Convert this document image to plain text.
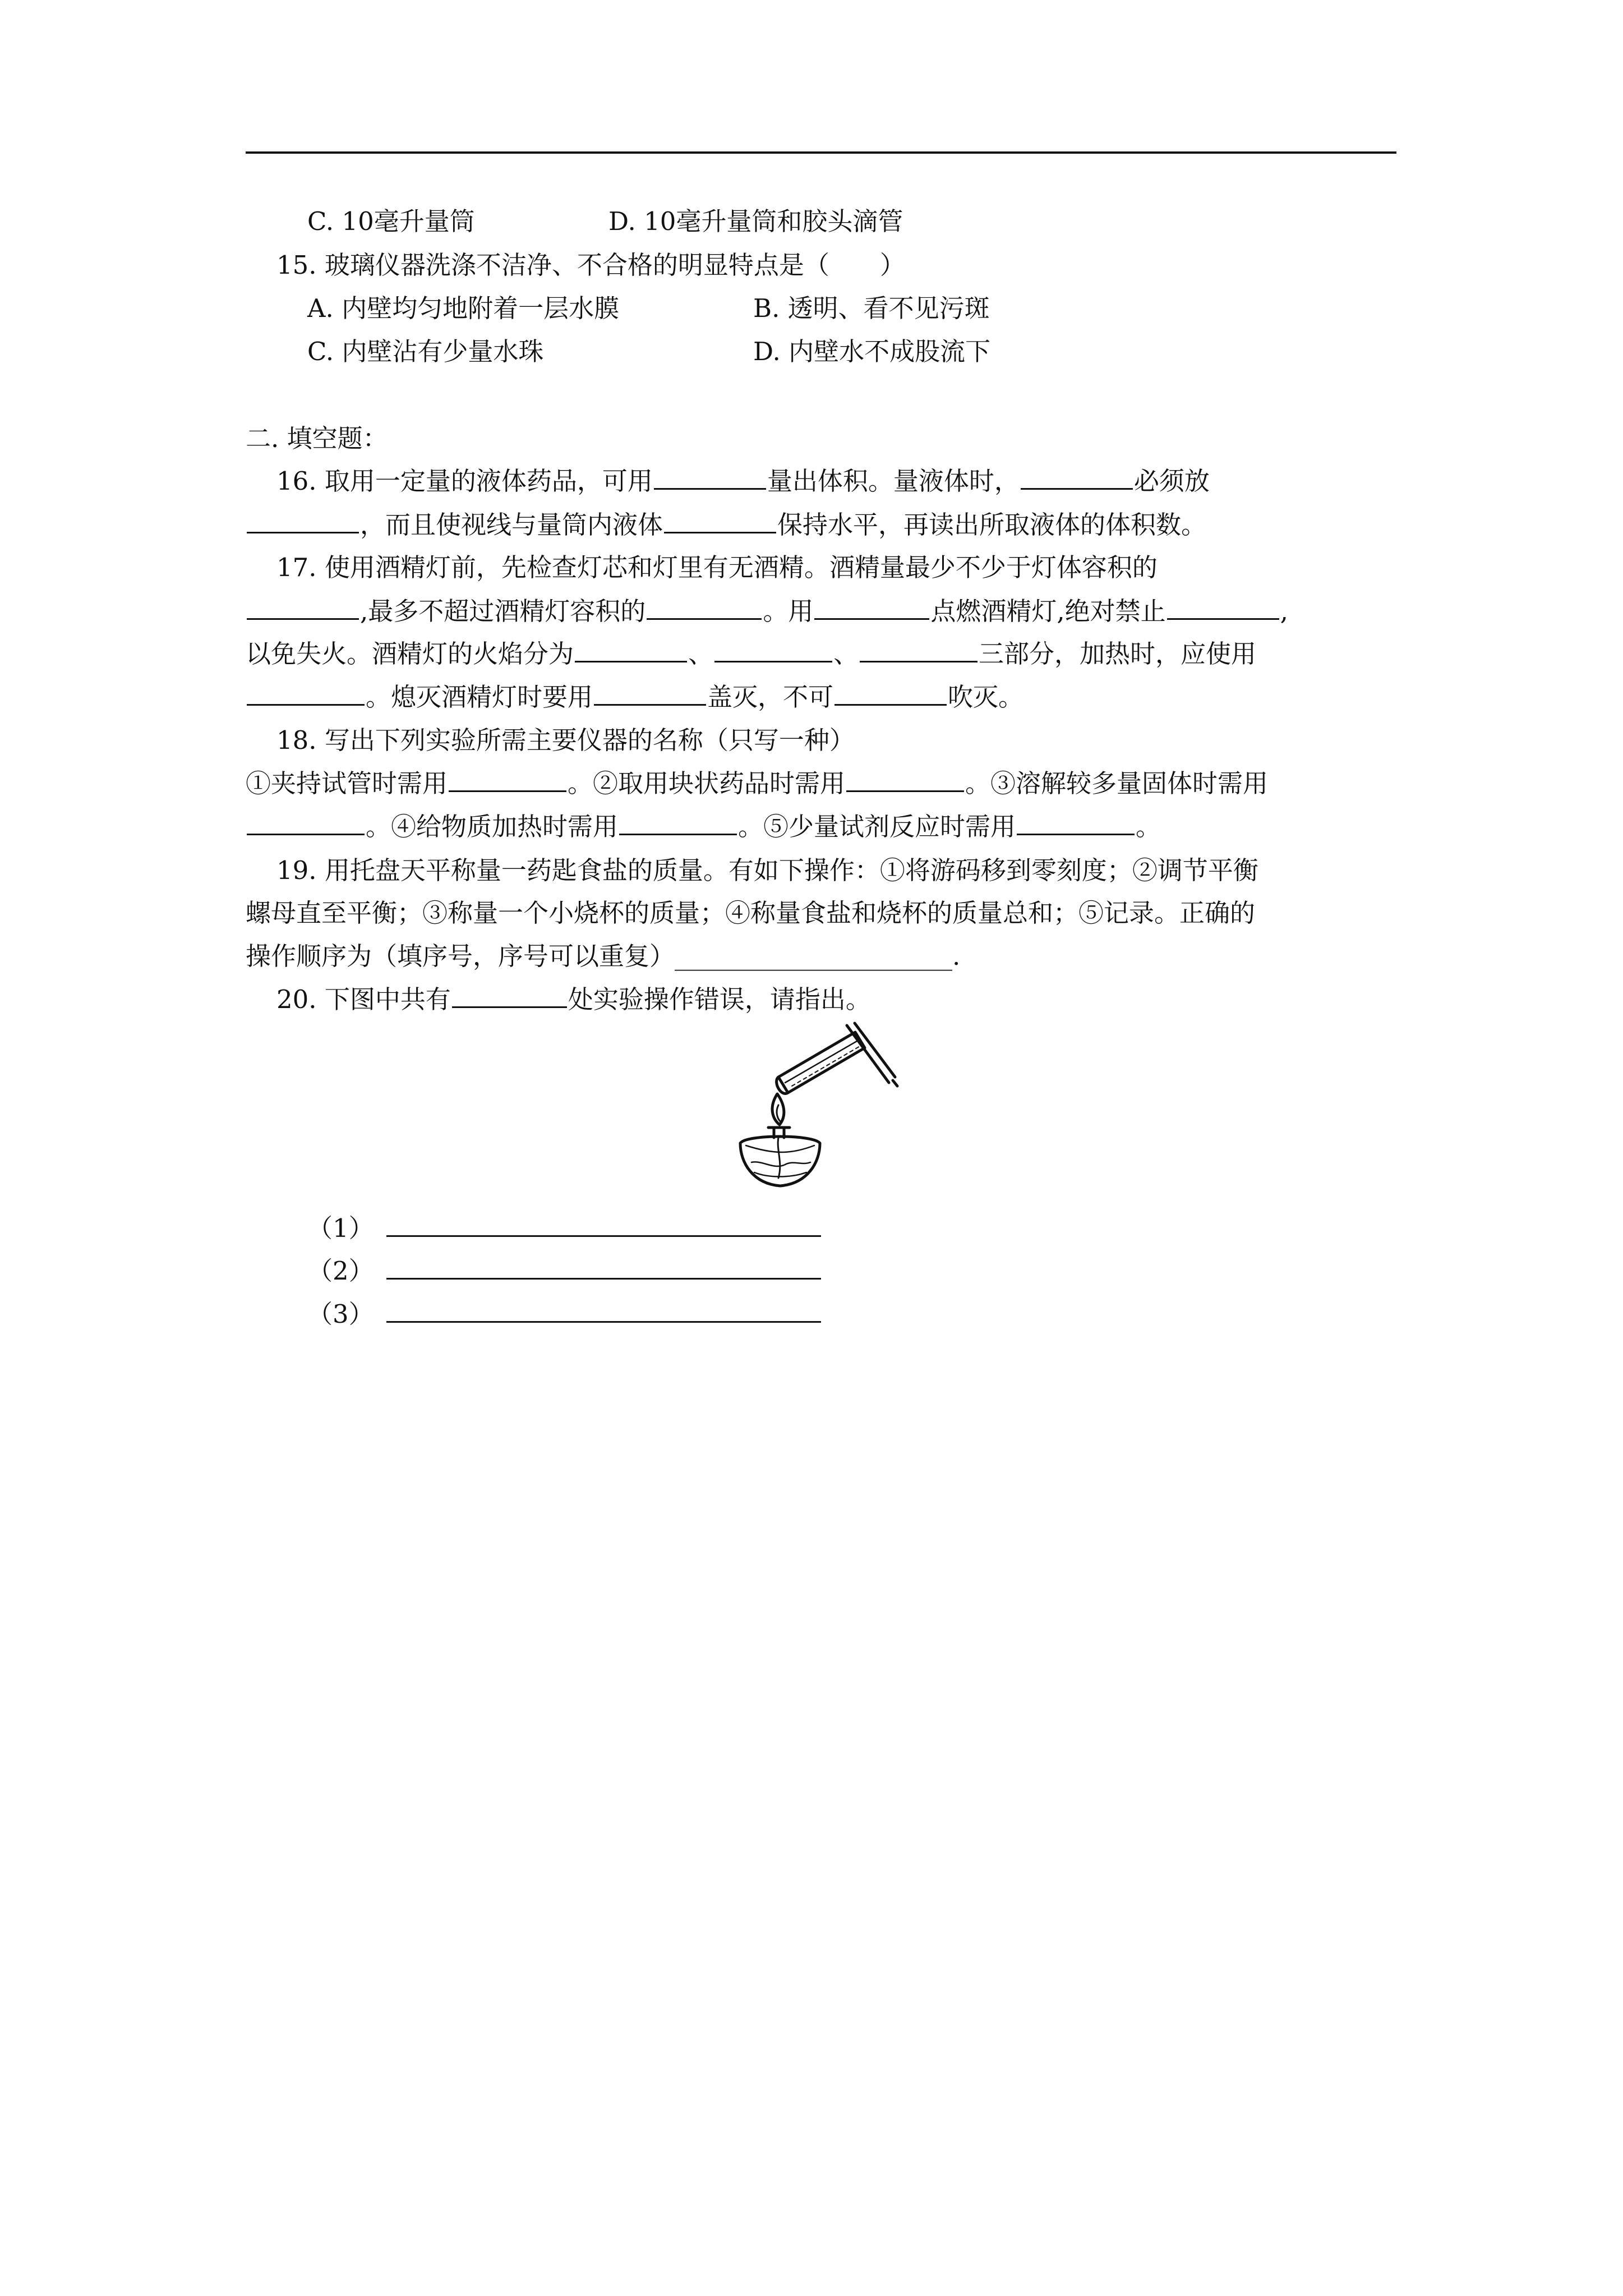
C. 10毫升量筒	D. 10毫升量筒和胶头滴管
15. 玻璃仪器洗涤不洁净、不合格的明显特点是（　　）
A. 内壁均匀地附着一层水膜	B. 透明、看不见污斑
C. 内壁沾有少量水珠	D. 内壁水不成股流下
二. 填空题：
16. 取用一定量的液体药品，可用	量出体积。量液体时，	必须放
，而且使视线与量筒内液体	保持水平，再读出所取液体的体积数。
17. 使用酒精灯前，先检查灯芯和灯里有无酒精。酒精量最少不少于灯体容积的
,最多不超过酒精灯容积的	。用	点燃酒精灯,绝对禁止	,
以免失火。酒精灯的火焰分为	、	、	三部分，加热时，应使用
。熄灭酒精灯时要用	盖灭，不可	吹灭。
18. 写出下列实验所需主要仪器的名称（只写一种）
①夹持试管时需用	。②取用块状药品时需用	。③溶解较多量固体时需用
。④给物质加热时需用	。⑤少量试剂反应时需用	。
19. 用托盘天平称量一药匙食盐的质量。有如下操作：①将游码移到零刻度；②调节平衡
螺母直至平衡；③称量一个小烧杯的质量；④称量食盐和烧杯的质量总和；⑤记录。正确的
操作顺序为（填序号，序号可以重复）______________________.
20. 下图中共有	处实验操作错误，请指出。
（1）
（2）
（3）
